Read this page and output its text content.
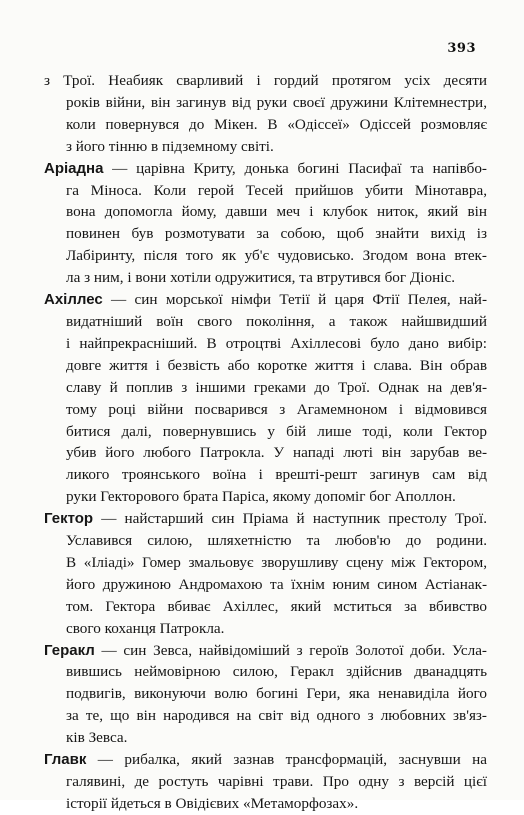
393
з Трої. Неабияк сварливий і гордий протягом усіх десяти
років війни, він загинув від руки своєї дружини Клітемнестри,
коли повернувся до Мікен. В «Одіссеї» Одіссей розмовляє
з його тінню в підземному світі.
Аріадна — царівна Криту, донька богині Пасифаї та напівбо-
га Міноса. Коли герой Тесей прийшов убити Мінотавра,
вона допомогла йому, давши меч і клубок ниток, який він
повинен був розмотувати за собою, щоб знайти вихід із
Лабіринту, після того як уб'є чудовисько. Згодом вона втек-
ла з ним, і вони хотіли одружитися, та втрутився бог Діоніс.
Ахіллес — син морської німфи Тетії й царя Фтії Пелея, най-
видатніший воїн свого покоління, а також найшвидший
і найпрекрасніший. В отроцтві Ахіллесові було дано вибір:
довге життя і безвість або коротке життя і слава. Він обрав
славу й поплив з іншими греками до Трої. Однак на дев'я-
тому році війни посварився з Агамемноном і відмовився
битися далі, повернувшись у бій лише тоді, коли Гектор
убив його любого Патрокла. У нападі люті він зарубав ве-
ликого троянського воїна і врешті-решт загинув сам від
руки Гекторового брата Паріса, якому допоміг бог Аполлон.
Гектор — найстарший син Пріама й наступник престолу Трої.
Уславився силою, шляхетністю та любов'ю до родини.
В «Іліаді» Гомер змальовує зворушливу сцену між Гектором,
його дружиною Андромахою та їхнім юним сином Астіанак-
том. Гектора вбиває Ахіллес, який мститься за вбивство
свого коханця Патрокла.
Геракл — син Зевса, найвідоміший з героїв Золотої доби. Усла-
вившись неймовірною силою, Геракл здійснив дванадцять
подвигів, виконуючи волю богині Гери, яка ненавиділа його
за те, що він народився на світ від одного з любовних зв'яз-
ків Зевса.
Главк — рибалка, який зазнав трансформацій, заснувши на
галявині, де ростуть чарівні трави. Про одну з версій цієї
історії йдеться в Овідієвих «Метаморфозах».
